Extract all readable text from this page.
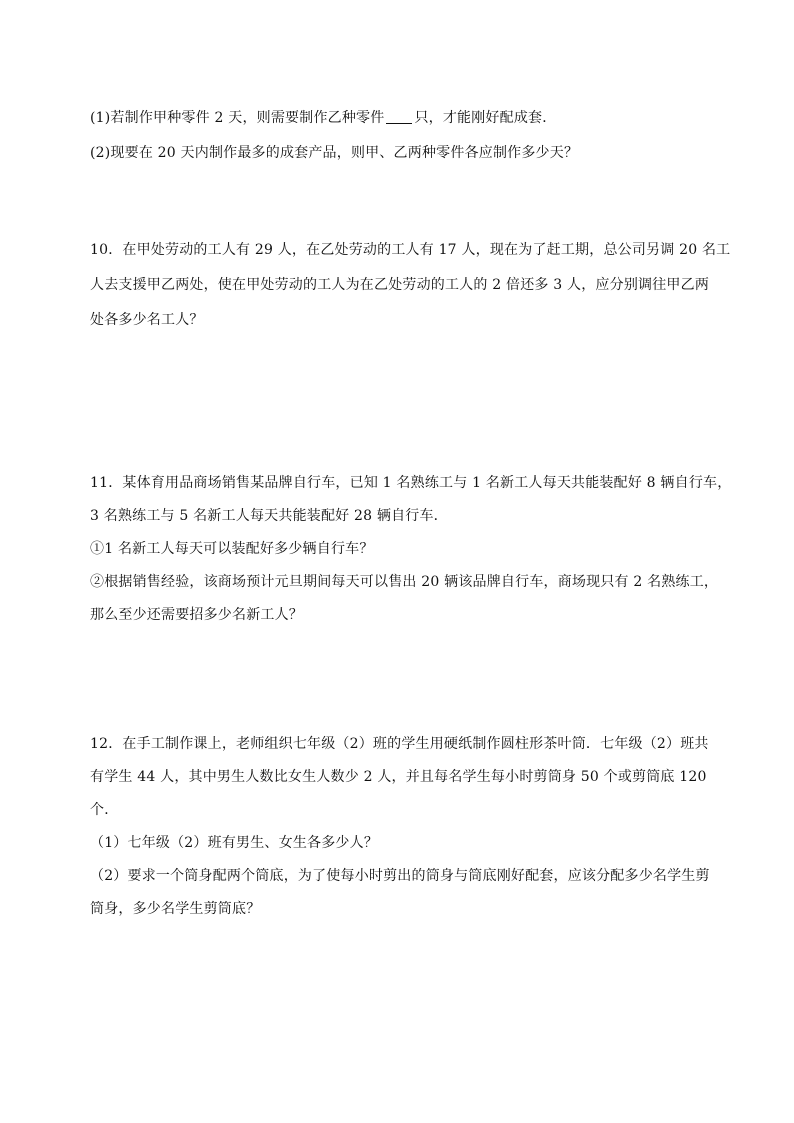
(1)若制作甲种零件 2 天，则需要制作乙种零件 只，才能刚好配成套．
(2)现要在 20 天内制作最多的成套产品，则甲、乙两种零件各应制作多少天？
10．在甲处劳动的工人有 29 人，在乙处劳动的工人有 17 人，现在为了赶工期，总公司另调 20 名工
人去支援甲乙两处，使在甲处劳动的工人为在乙处劳动的工人的 2 倍还多 3 人，应分别调往甲乙两
处各多少名工人？
11．某体育用品商场销售某品牌自行车，已知 1 名熟练工与 1 名新工人每天共能装配好 8 辆自行车，
3 名熟练工与 5 名新工人每天共能装配好 28 辆自行车．
①1 名新工人每天可以装配好多少辆自行车？
②根据销售经验，该商场预计元旦期间每天可以售出 20 辆该品牌自行车，商场现只有 2 名熟练工，
那么至少还需要招多少名新工人？
12．在手工制作课上，老师组织七年级（2）班的学生用硬纸制作圆柱形茶叶筒．七年级（2）班共
有学生 44 人，其中男生人数比女生人数少 2 人，并且每名学生每小时剪筒身 50 个或剪筒底 120
个．
（1）七年级（2）班有男生、女生各多少人？
（2）要求一个筒身配两个筒底，为了使每小时剪出的筒身与筒底刚好配套，应该分配多少名学生剪
筒身，多少名学生剪筒底？
